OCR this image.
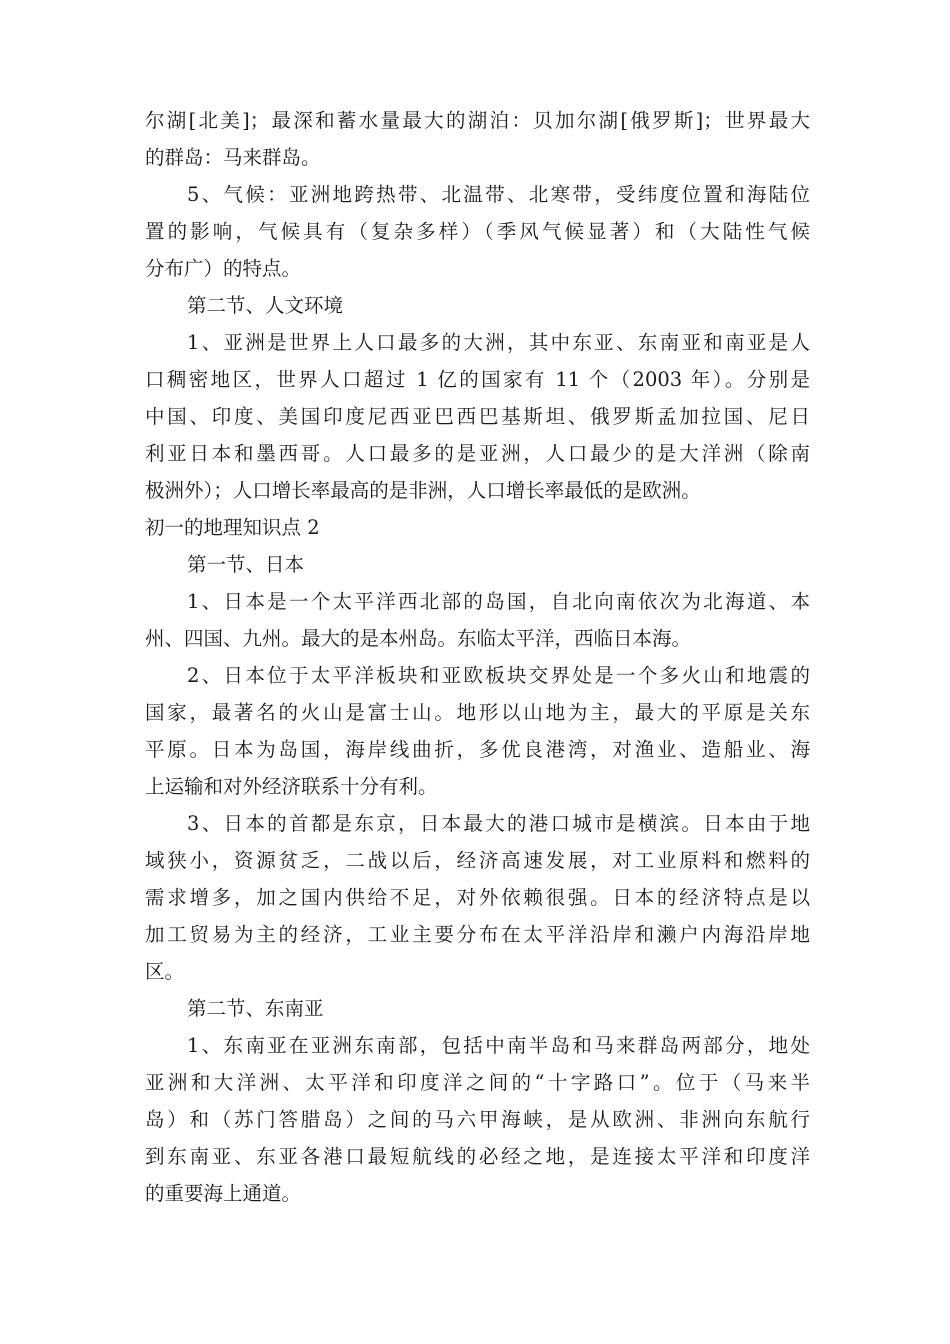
尔湖[北美]；最深和蓄水量最大的湖泊：贝加尔湖[俄罗斯]；世界最大
的群岛：马来群岛。
5、气候：亚洲地跨热带、北温带、北寒带，受纬度位置和海陆位
置的影响，气候具有（复杂多样）（季风气候显著）和（大陆性气候
分布广）的特点。
第二节、人文环境
1、亚洲是世界上人口最多的大洲，其中东亚、东南亚和南亚是人
口稠密地区，世界人口超过 1 亿的国家有 11 个（2003 年）。分别是
中国、印度、美国印度尼西亚巴西巴基斯坦、俄罗斯孟加拉国、尼日
利亚日本和墨西哥。人口最多的是亚洲，人口最少的是大洋洲（除南
极洲外）；人口增长率最高的是非洲，人口增长率最低的是欧洲。
初一的地理知识点 2
第一节、日本
1、日本是一个太平洋西北部的岛国，自北向南依次为北海道、本
州、四国、九州。最大的是本州岛。东临太平洋，西临日本海。
2、日本位于太平洋板块和亚欧板块交界处是一个多火山和地震的
国家，最著名的火山是富士山。地形以山地为主，最大的平原是关东
平原。日本为岛国，海岸线曲折，多优良港湾，对渔业、造船业、海
上运输和对外经济联系十分有利。
3、日本的首都是东京，日本最大的港口城市是横滨。日本由于地
域狭小，资源贫乏，二战以后，经济高速发展，对工业原料和燃料的
需求增多，加之国内供给不足，对外依赖很强。日本的经济特点是以
加工贸易为主的经济，工业主要分布在太平洋沿岸和濑户内海沿岸地
区。
第二节、东南亚
1、东南亚在亚洲东南部，包括中南半岛和马来群岛两部分，地处
亚洲和大洋洲、太平洋和印度洋之间的“十字路口”。位于（马来半
岛）和（苏门答腊岛）之间的马六甲海峡，是从欧洲、非洲向东航行
到东南亚、东亚各港口最短航线的必经之地，是连接太平洋和印度洋
的重要海上通道。
